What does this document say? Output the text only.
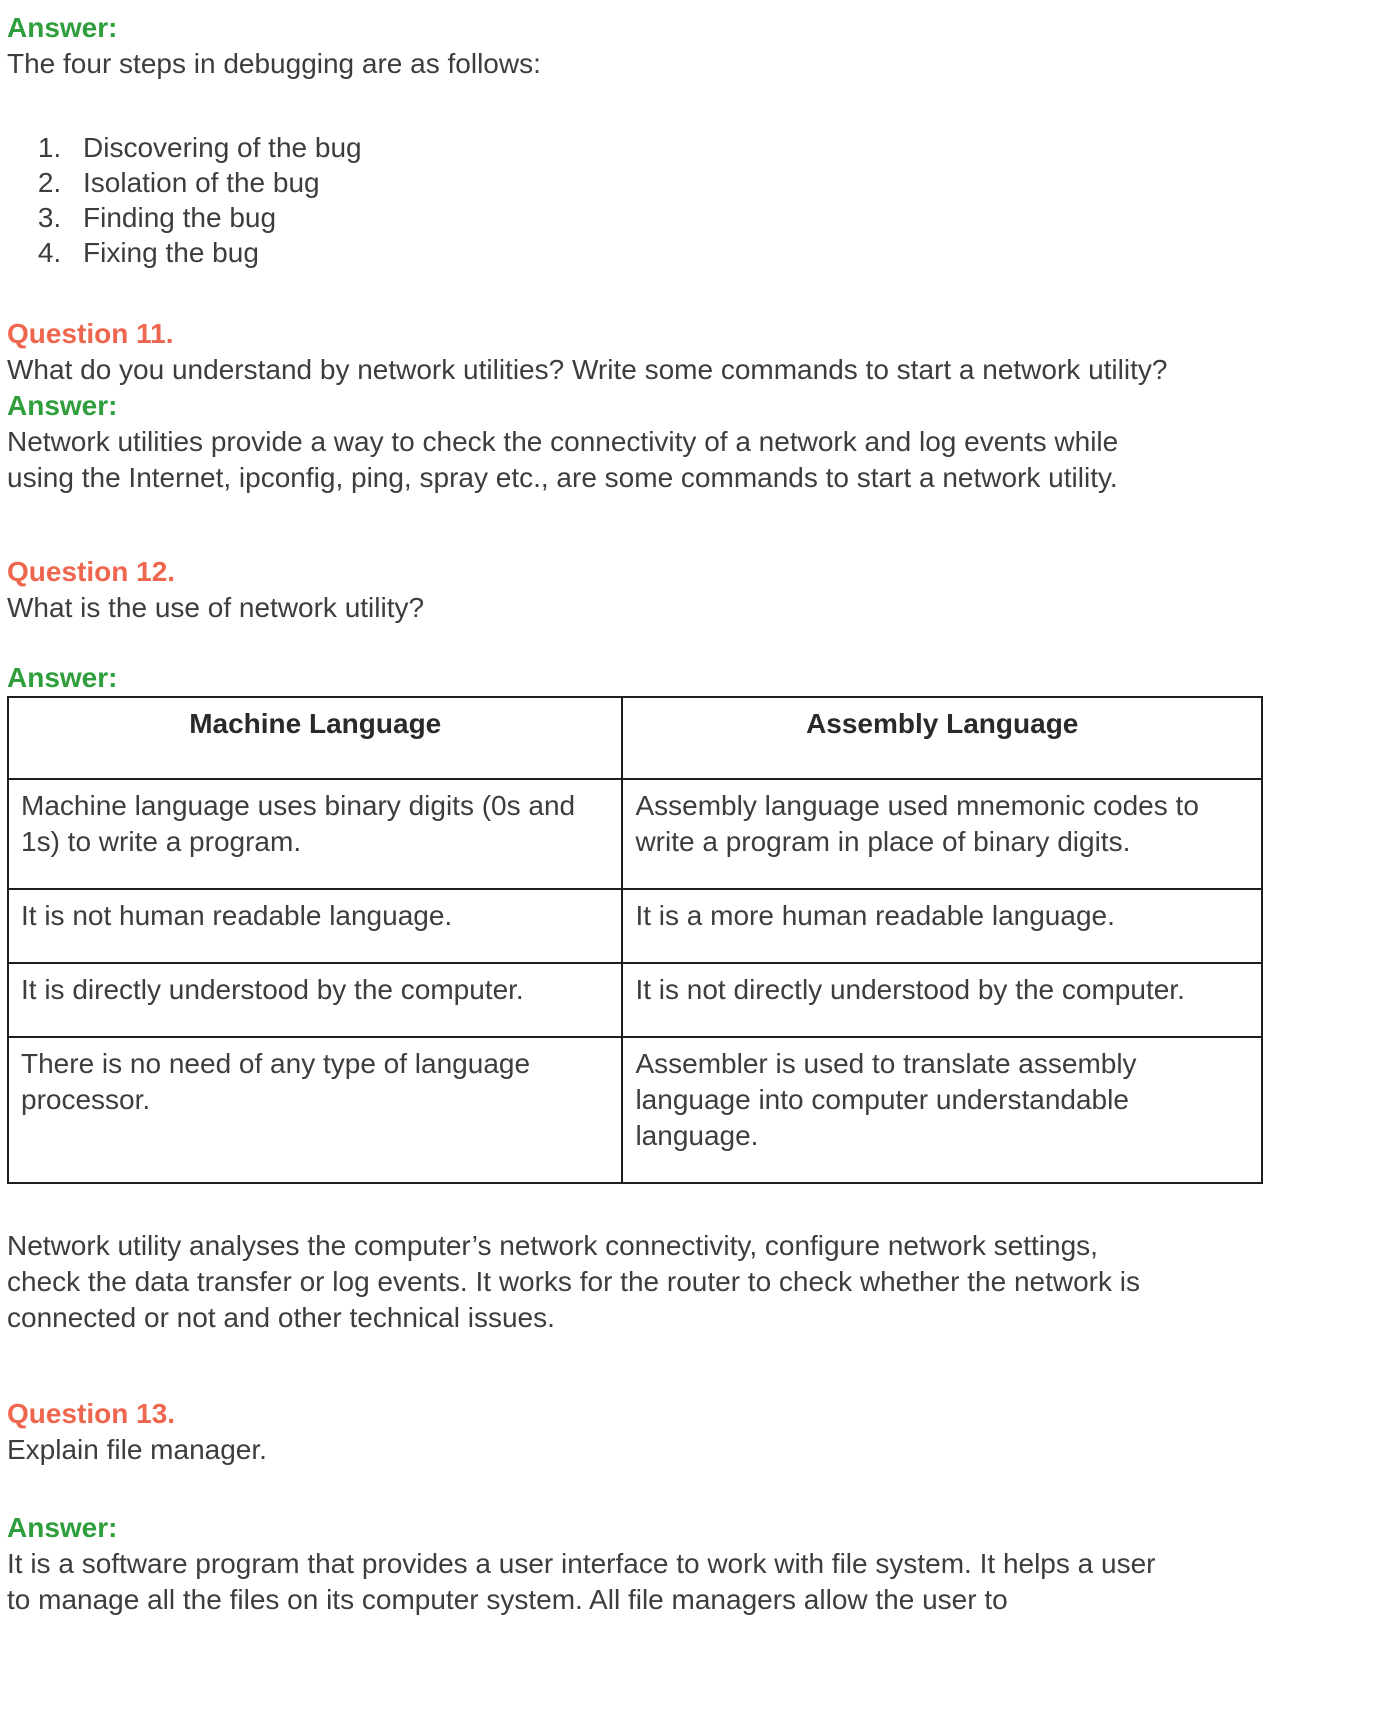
Answer:

The four steps in debugging are as follows:

1. Discovering of the bug
2. Isolation of the bug
3. Finding the bug
4. Fixing the bug

Question 11.

What do you understand by network utilities? Write some commands to start a network utility?

Answer:

Network utilities provide a way to check the connectivity of a network and log events while using the Internet, ipconfig, ping, spray etc., are some commands to start a network utility.

Question 12.

What is the use of network utility?

Answer:

Machine Language	Assembly Language
Machine language uses binary digits (0s and 1s) to write a program.	Assembly language used mnemonic codes to write a program in place of binary digits.
It is not human readable language.	It is a more human readable language.
It is directly understood by the computer.	It is not directly understood by the computer.
There is no need of any type of language processor.	Assembler is used to translate assembly language into computer understandable language.

Network utility analyses the computer’s network connectivity, configure network settings, check the data transfer or log events. It works for the router to check whether the network is connected or not and other technical issues.

Question 13.

Explain file manager.

Answer:

It is a software program that provides a user interface to work with file system. It helps a user to manage all the files on its computer system. All file managers allow the user to
